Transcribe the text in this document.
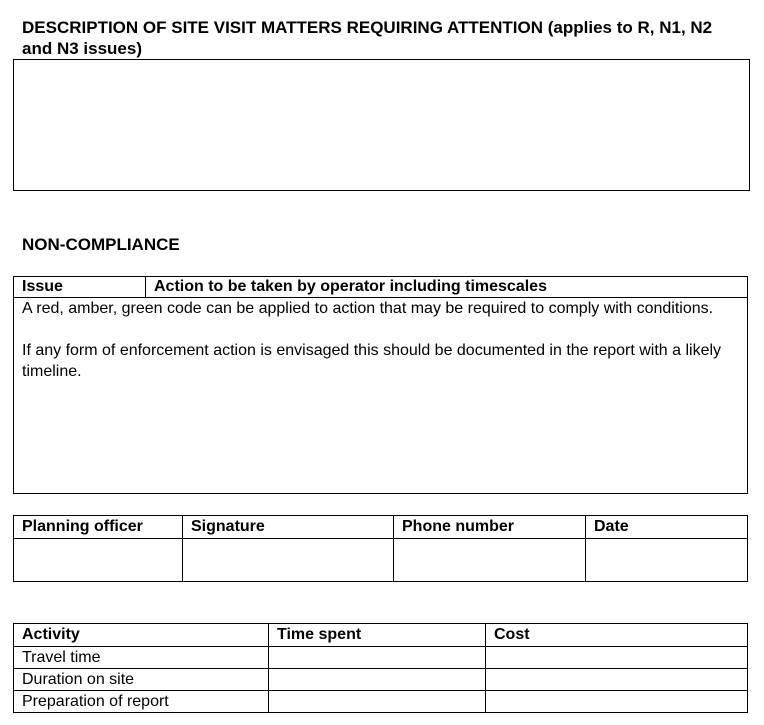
DESCRIPTION OF SITE VISIT MATTERS REQUIRING ATTENTION (applies to R, N1, N2 and N3 issues)
NON-COMPLIANCE
Issue	Action to be taken by operator including timescales

A red, amber, green code can be applied to action that may be required to comply with conditions.

If any form of enforcement action is envisaged this should be documented in the report with a likely timeline.

Planning officer	Signature	Phone number	Date

Activity	Time spent	Cost
Travel time		
Duration on site		
Preparation of report		
